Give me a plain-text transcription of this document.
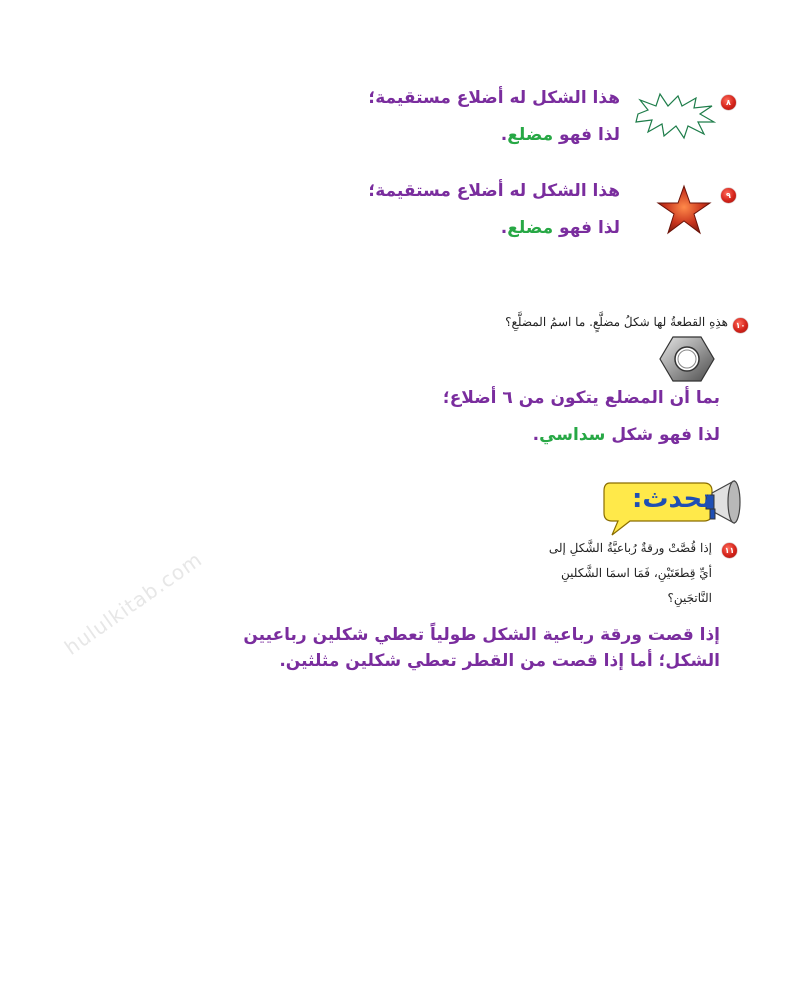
hululkitab.com
٨
هذا الشكل له أضلاع مستقيمة؛
لذا فهو مضلع.
٩
هذا الشكل له أضلاع مستقيمة؛
لذا فهو مضلع.
١٠
هذِهِ القطعةُ لها شكلُ مضلَّعٍ. ما اسمُ المضلَّعِ؟
بما أن المضلع يتكون من ٦ أضلاع؛
لذا فهو شكل سداسي.
تحدث:
١١
إذا قُصَّتْ ورقةٌ رُباعيَّةُ الشَّكلِ إلى
أيِّ قِطعَتَيْنِ، فَمَا اسمَا الشَّكلينِ
النَّاتجَينِ؟
إذا قصت ورقة رباعية الشكل طولياً تعطي شكلين رباعيين
الشكل؛ أما إذا قصت من القطر تعطي شكلين مثلثين.
